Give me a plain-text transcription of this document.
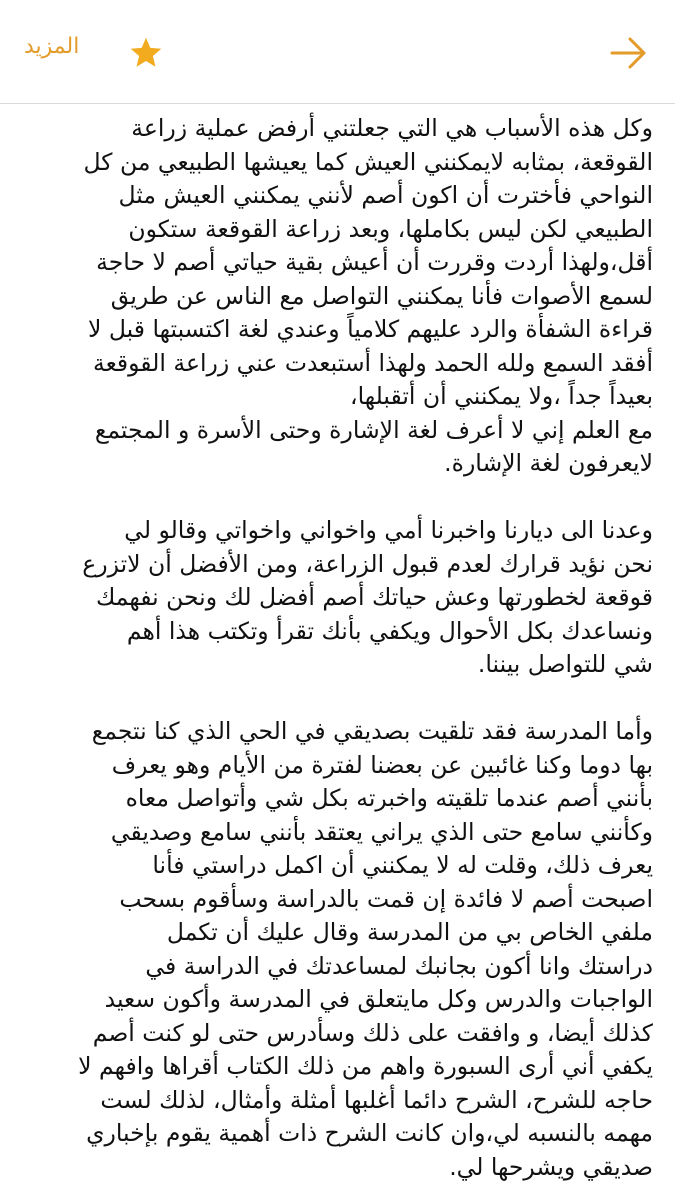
المزيد

وكل هذه الأسباب هي التي جعلتني أرفض عملية زراعة
القوقعة، بمثابه لايمكنني العيش كما يعيشها الطبيعي من كل
النواحي فأخترت أن اكون أصم لأنني يمكنني العيش مثل
الطبيعي لكن ليس بكاملها، وبعد زراعة القوقعة ستكون
أقل،ولهذا أردت وقررت أن أعيش بقية حياتي أصم لا حاجة
لسمع الأصوات فأنا يمكنني التواصل مع الناس عن طريق
قراءة الشفأة والرد عليهم كلامياً وعندي لغة اكتسبتها قبل لا
أفقد السمع ولله الحمد ولهذا أستبعدت عني زراعة القوقعة
بعيداً جداً ،ولا يمكنني أن أتقبلها،
مع العلم إني لا أعرف لغة الإشارة وحتى الأسرة و المجتمع
لايعرفون لغة الإشارة.

وعدنا الى ديارنا واخبرنا أمي واخواني واخواتي وقالو لي
نحن نؤيد قرارك لعدم قبول الزراعة، ومن الأفضل أن لاتزرع
قوقعة لخطورتها وعش حياتك أصم أفضل لك ونحن نفهمك
ونساعدك بكل الأحوال ويكفي بأنك تقرأ وتكتب هذا أهم
شي للتواصل بيننا.

وأما المدرسة فقد تلقيت بصديقي في الحي الذي كنا نتجمع
بها دوما وكنا غائبين عن بعضنا لفترة من الأيام وهو يعرف
بأنني أصم عندما تلقيته واخبرته بكل شي وأتواصل معاه
وكأنني سامع حتى الذي يراني يعتقد بأنني سامع وصديقي
يعرف ذلك، وقلت له لا يمكنني أن اكمل دراستي فأنا
اصبحت أصم لا فائدة إن قمت بالدراسة وسأقوم بسحب
ملفي الخاص بي من المدرسة وقال عليك أن تكمل
دراستك وانا أكون بجانبك لمساعدتك في الدراسة في
الواجبات والدرس وكل مايتعلق في المدرسة وأكون سعيد
كذلك أيضا، و وافقت على ذلك وسأدرس حتى لو كنت أصم
يكفي أني أرى السبورة واهم من ذلك الكتاب أقراها وافهم لا
حاجه للشرح، الشرح دائما أغلبها أمثلة وأمثال، لذلك لست
مهمه بالنسبه لي،وان كانت الشرح ذات أهمية يقوم بإخباري
صديقي ويشرحها لي.
